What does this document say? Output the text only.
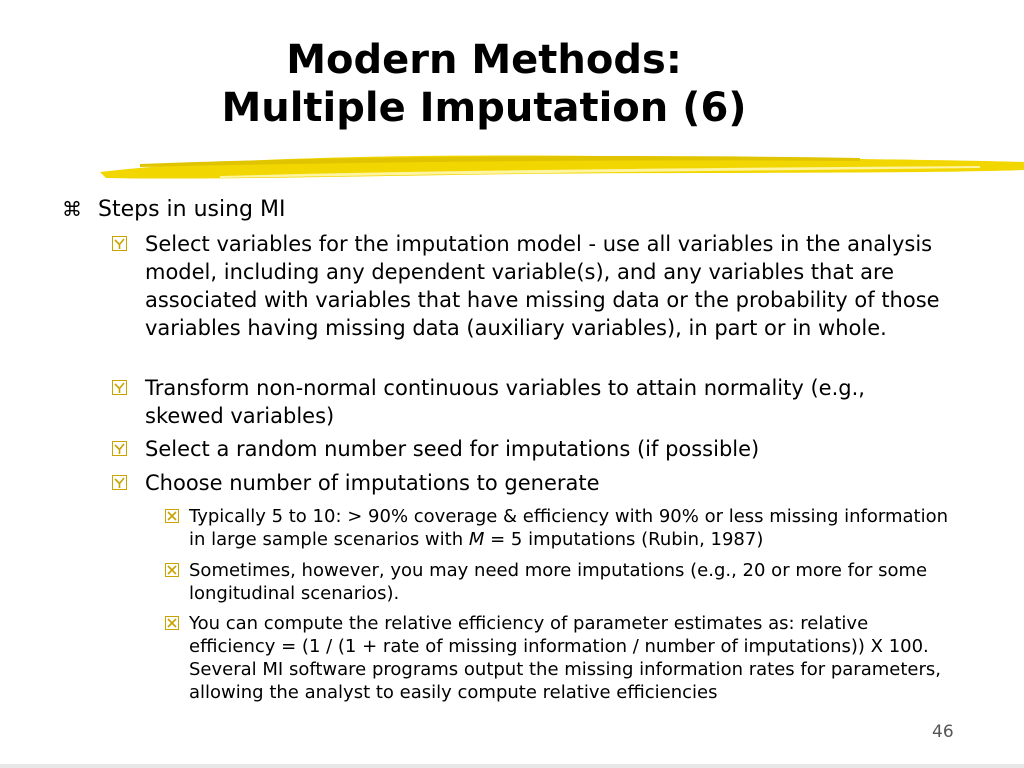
Modern Methods:
Multiple Imputation (6)
⌘ Steps in using MI
Select variables for the imputation model - use all variables in the analysis model, including any dependent variable(s), and any variables that are associated with variables that have missing data or the probability of those variables having missing data (auxiliary variables), in part or in whole.
Transform non-normal continuous variables to attain normality (e.g., skewed variables)
Select a random number seed for imputations (if possible)
Choose number of imputations to generate
Typically 5 to 10: > 90% coverage & efficiency with 90% or less missing information in large sample scenarios with M = 5 imputations (Rubin, 1987)
Sometimes, however, you may need more imputations (e.g., 20 or more for some longitudinal scenarios).
You can compute the relative efficiency of parameter estimates as: relative efficiency = (1 / (1 + rate of missing information / number of imputations)) X 100. Several MI software programs output the missing information rates for parameters, allowing the analyst to easily compute relative efficiencies
46
